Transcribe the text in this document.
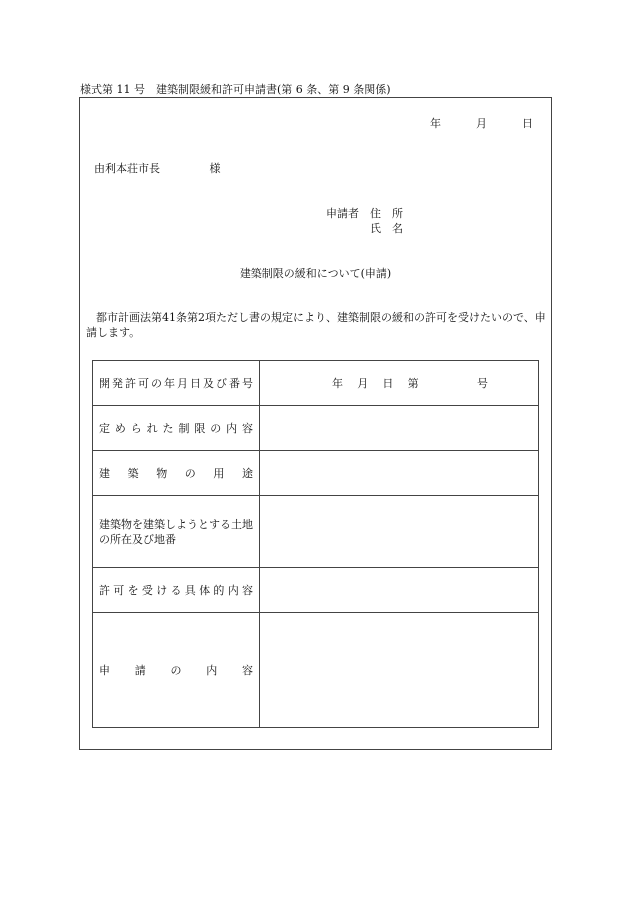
様式第 11 号　建築制限緩和許可申請書(第 6 条、第 9 条関係)
年	月	日
由利本荘市長	様
申請者	住　所
氏　名
建築制限の緩和について(申請)
都市計画法第41条第2項ただし書の規定により、建築制限の緩和の許可を受けたいので、申請します。
開発許可の年月日及び番号	年 月 日 第 号

定められた制限の内容	

建築物の用途	

建築物を建築しようとする土地の所在及び地番	

許可を受ける具体的内容	

申請の内容	
